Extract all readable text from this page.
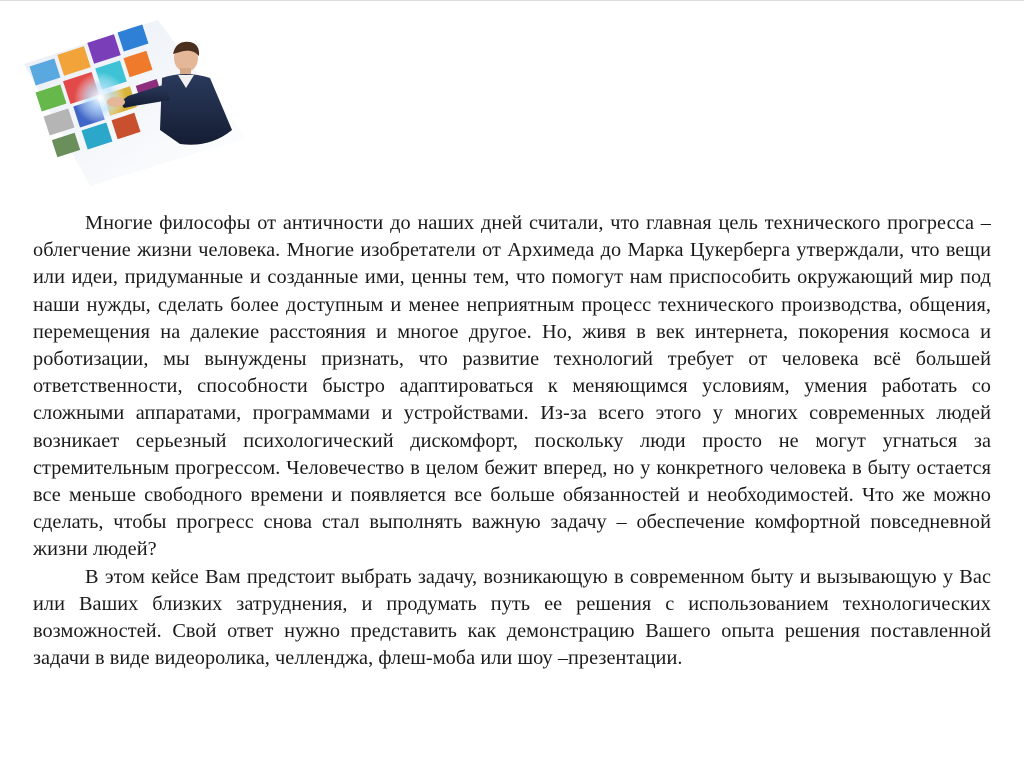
Многие философы от античности до наших дней считали, что главная цель технического прогресса – облегчение жизни человека. Многие изобретатели от Архимеда до Марка Цукерберга утверждали, что вещи или идеи, придуманные и созданные ими, ценны тем, что помогут нам приспособить окружающий мир под наши нужды, сделать более доступным и менее неприятным процесс технического производства, общения, перемещения на далекие расстояния и многое другое. Но, живя в век интернета, покорения космоса и роботизации, мы вынуждены признать, что развитие технологий требует от человека всё большей ответственности, способности быстро адаптироваться к меняющимся условиям, умения работать со сложными аппаратами, программами и устройствами. Из-за всего этого у многих современных людей возникает серьезный психологический дискомфорт, поскольку люди просто не могут угнаться за стремительным прогрессом. Человечество в целом бежит вперед, но у конкретного человека в быту остается все меньше свободного времени и появляется все больше обязанностей и необходимостей. Что же можно сделать, чтобы прогресс снова стал выполнять важную задачу – обеспечение комфортной повседневной жизни людей?

В этом кейсе Вам предстоит выбрать задачу, возникающую в современном быту и вызывающую у Вас или Ваших близких затруднения, и продумать путь ее решения с использованием технологических возможностей. Свой ответ нужно представить как демонстрацию Вашего опыта решения поставленной задачи в виде видеоролика, челленджа, флеш-моба или шоу –презентации.
